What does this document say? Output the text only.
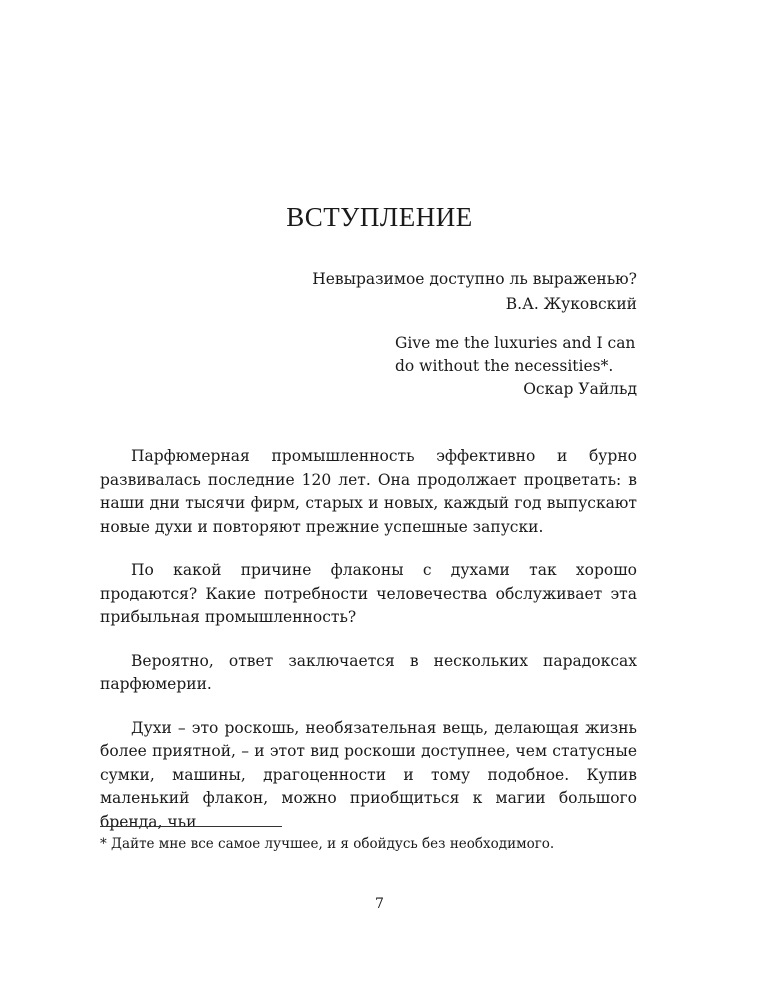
ВСТУПЛЕНИЕ
Невыразимое доступно ль выраженью?
В.А. Жуковский
Give me the luxuries and I can
do without the necessities*.
Оскар Уайльд

Парфюмерная промышленность эффективно и бурно развивалась последние 120 лет. Она продолжает процветать: в наши дни тысячи фирм, старых и новых, каждый год выпускают новые духи и повторяют прежние успешные запуски.

По какой причине флаконы с духами так хорошо продаются? Какие потребности человечества обслуживает эта прибыльная промышленность?

Вероятно, ответ заключается в нескольких парадоксах парфюмерии.

Духи – это роскошь, необязательная вещь, делающая жизнь более приятной, – и этот вид роскоши доступнее, чем статусные сумки, машины, драгоценности и тому подобное. Купив маленький флакон, можно приобщиться к магии большого бренда, чьи

* Дайте мне все самое лучшее, и я обойдусь без необходимого.
7
